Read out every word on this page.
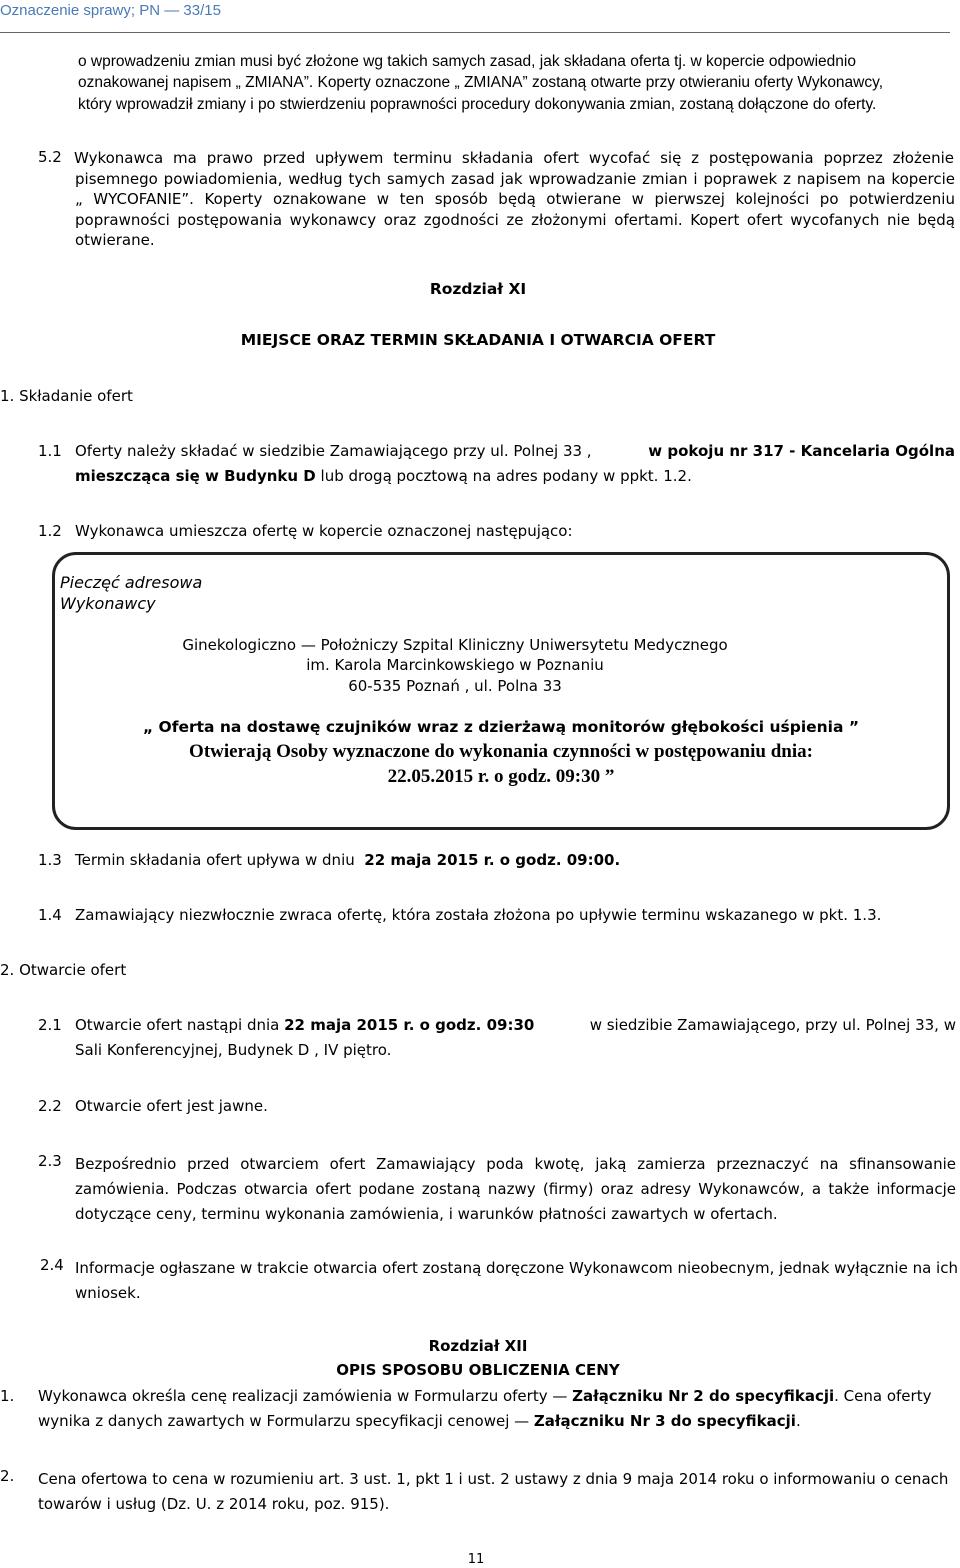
Oznaczenie sprawy; PN — 33/15
o wprowadzeniu zmian musi być złożone wg takich samych zasad, jak składana oferta tj. w kopercie odpowiednio
oznakowanej napisem „ ZMIANA”. Koperty oznaczone „ ZMIANA” zostaną otwarte przy otwieraniu oferty Wykonawcy,
który wprowadził zmiany i po stwierdzeniu poprawności procedury dokonywania zmian, zostaną dołączone do oferty.
5.2 Wykonawca ma prawo przed upływem terminu składania ofert wycofać się z postępowania poprzez złożenie
pisemnego powiadomienia, według tych samych zasad jak wprowadzanie zmian i poprawek z napisem na kopercie
„ WYCOFANIE”. Koperty oznakowane w ten sposób będą otwierane w pierwszej kolejności po potwierdzeniu
poprawności postępowania wykonawcy oraz zgodności ze złożonymi ofertami. Kopert ofert wycofanych nie będą
otwierane.
Rozdział XI
MIEJSCE ORAZ TERMIN SKŁADANIA I OTWARCIA OFERT
1. Składanie ofert
1.1 Oferty należy składać w siedzibie Zamawiającego przy ul. Polnej 33 ,	w pokoju nr 317 - Kancelaria Ogólna
mieszcząca się w Budynku D lub drogą pocztową na adres podany w ppkt. 1.2.
1.2 Wykonawca umieszcza ofertę w kopercie oznaczonej następująco:
Pieczęć adresowa
Wykonawcy
Ginekologiczno — Położniczy Szpital Kliniczny Uniwersytetu Medycznego
im. Karola Marcinkowskiego w Poznaniu
60-535 Poznań , ul. Polna 33
„ Oferta na dostawę czujników wraz z dzierżawą monitorów głębokości uśpienia ”
Otwierają Osoby wyznaczone do wykonania czynności w postępowaniu dnia:
22.05.2015 r. o godz. 09:30 ”
1.3 Termin składania ofert upływa w dniu 22 maja 2015 r. o godz. 09:00.
1.4 Zamawiający niezwłocznie zwraca ofertę, która została złożona po upływie terminu wskazanego w pkt. 1.3.
2. Otwarcie ofert
2.1 Otwarcie ofert nastąpi dnia 22 maja 2015 r. o godz. 09:30	w siedzibie Zamawiającego, przy ul. Polnej 33, w
Sali Konferencyjnej, Budynek D , IV piętro.
2.2 Otwarcie ofert jest jawne.
2.3 Bezpośrednio przed otwarciem ofert Zamawiający poda kwotę, jaką zamierza przeznaczyć na sfinansowanie
zamówienia. Podczas otwarcia ofert podane zostaną nazwy (firmy) oraz adresy Wykonawców, a także informacje
dotyczące ceny, terminu wykonania zamówienia, i warunków płatności zawartych w ofertach.
2.4 Informacje ogłaszane w trakcie otwarcia ofert zostaną doręczone Wykonawcom nieobecnym, jednak wyłącznie na ich
wniosek.
Rozdział XII
OPIS SPOSOBU OBLICZENIA CENY
1. Wykonawca określa cenę realizacji zamówienia w Formularzu oferty — Załączniku Nr 2 do specyfikacji. Cena oferty
wynika z danych zawartych w Formularzu specyfikacji cenowej — Załączniku Nr 3 do specyfikacji.
2. Cena ofertowa to cena w rozumieniu art. 3 ust. 1, pkt 1 i ust. 2 ustawy z dnia 9 maja 2014 roku o informowaniu o cenach
towarów i usług (Dz. U. z 2014 roku, poz. 915).
11
